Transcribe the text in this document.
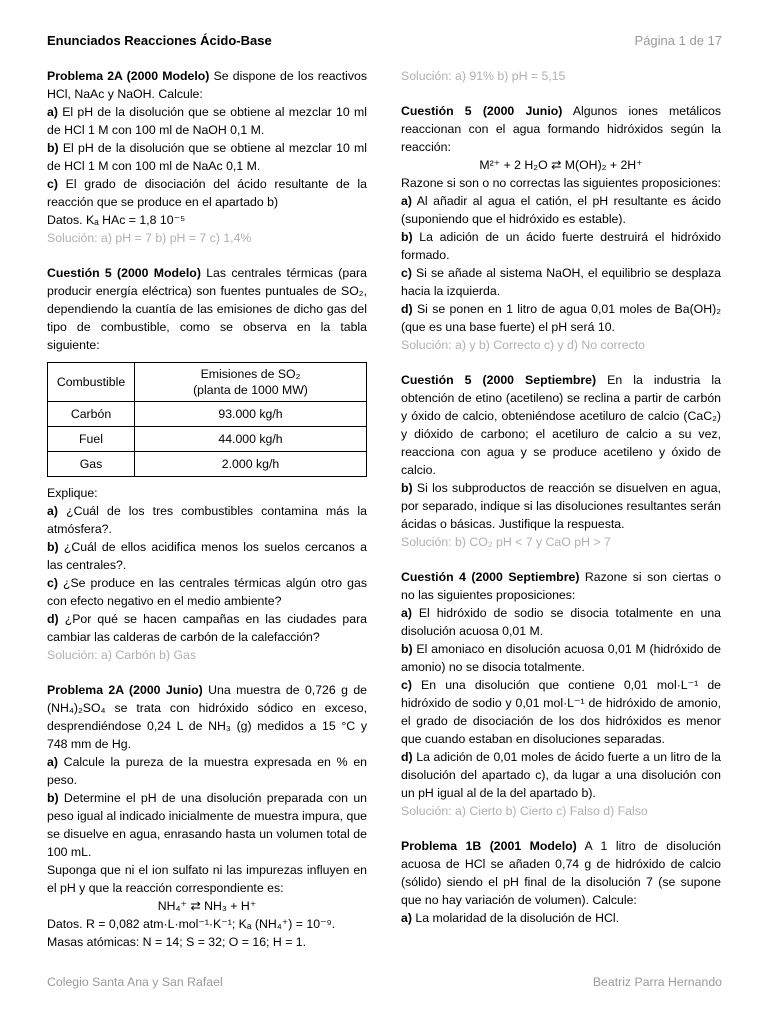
Enunciados Reacciones Ácido-Base	Página 1 de 17

Problema 2A (2000 Modelo) Se dispone de los reactivos HCl, NaAc y NaOH. Calcule:

a) El pH de la disolución que se obtiene al mezclar 10 ml de HCl 1 M con 100 ml de NaOH 0,1 M.

b) El pH de la disolución que se obtiene al mezclar 10 ml de HCl 1 M con 100 ml de NaAc 0,1 M.

c) El grado de disociación del ácido resultante de la reacción que se produce en el apartado b)

Datos. Kₐ HAc = 1,8 10⁻⁵

Solución: a) pH = 7 b) pH = 7 c) 1,4%

Cuestión 5 (2000 Modelo) Las centrales térmicas (para producir energía eléctrica) son fuentes puntuales de SO₂, dependiendo la cuantía de las emisiones de dicho gas del tipo de combustible, como se observa en la tabla siguiente:

Combustible	Emisiones de SO₂
(planta de 1000 MW)
Carbón	93.000 kg/h
Fuel	44.000 kg/h
Gas	2.000 kg/h

Explique:

a) ¿Cuál de los tres combustibles contamina más la atmósfera?.

b) ¿Cuál de ellos acidifica menos los suelos cercanos a las centrales?.

c) ¿Se produce en las centrales térmicas algún otro gas con efecto negativo en el medio ambiente?

d) ¿Por qué se hacen campañas en las ciudades para cambiar las calderas de carbón de la calefacción?

Solución: a) Carbón b) Gas

Problema 2A (2000 Junio) Una muestra de 0,726 g de (NH₄)₂SO₄ se trata con hidróxido sódico en exceso, desprendiéndose 0,24 L de NH₃ (g) medidos a 15 °C y 748 mm de Hg.

a) Calcule la pureza de la muestra expresada en % en peso.

b) Determine el pH de una disolución preparada con un peso igual al indicado inicialmente de muestra impura, que se disuelve en agua, enrasando hasta un volumen total de 100 mL.

Suponga que ni el ion sulfato ni las impurezas influyen en el pH y que la reacción correspondiente es:

NH₄⁺ ⇄ NH₃ + H⁺

Datos. R = 0,082 atm·L·mol⁻¹·K⁻¹; Kₐ (NH₄⁺) = 10⁻⁹.

Masas atómicas: N = 14; S = 32; O = 16; H = 1.

Solución: a) 91% b) pH = 5,15

Cuestión 5 (2000 Junio) Algunos iones metálicos reaccionan con el agua formando hidróxidos según la reacción:

M²⁺ + 2 H₂O ⇄ M(OH)₂ + 2H⁺

Razone si son o no correctas las siguientes proposiciones:

a) Al añadir al agua el catión, el pH resultante es ácido (suponiendo que el hidróxido es estable).

b) La adición de un ácido fuerte destruirá el hidróxido formado.

c) Si se añade al sistema NaOH, el equilibrio se desplaza hacia la izquierda.

d) Si se ponen en 1 litro de agua 0,01 moles de Ba(OH)₂ (que es una base fuerte) el pH será 10.

Solución: a) y b) Correcto c) y d) No correcto

Cuestión 5 (2000 Septiembre) En la industria la obtención de etino (acetileno) se reclina a partir de carbón y óxido de calcio, obteniéndose acetiluro de calcio (CaC₂) y dióxido de carbono; el acetiluro de calcio a su vez, reacciona con agua y se produce acetileno y óxido de calcio.

b) Si los subproductos de reacción se disuelven en agua, por separado, indique si las disoluciones resultantes serán ácidas o básicas. Justifique la respuesta.

Solución: b) CO₂ pH < 7 y CaO pH > 7

Cuestión 4 (2000 Septiembre) Razone si son ciertas o no las siguientes proposiciones:

a) El hidróxido de sodio se disocia totalmente en una disolución acuosa 0,01 M.

b) El amoniaco en disolución acuosa 0,01 M (hidróxido de amonio) no se disocia totalmente.

c) En una disolución que contiene 0,01 mol·L⁻¹ de hidróxido de sodio y 0,01 mol·L⁻¹ de hidróxido de amonio, el grado de disociación de los dos hidróxidos es menor que cuando estaban en disoluciones separadas.

d) La adición de 0,01 moles de ácido fuerte a un litro de la disolución del apartado c), da lugar a una disolución con un pH igual al de la del apartado b).

Solución: a) Cierto b) Cierto c) Falso d) Falso

Problema 1B (2001 Modelo) A 1 litro de disolución acuosa de HCl se añaden 0,74 g de hidróxido de calcio (sólido) siendo el pH final de la disolución 7 (se supone que no hay variación de volumen). Calcule:

a) La molaridad de la disolución de HCl.

Colegio Santa Ana y San Rafael	Beatriz Parra Hernando
